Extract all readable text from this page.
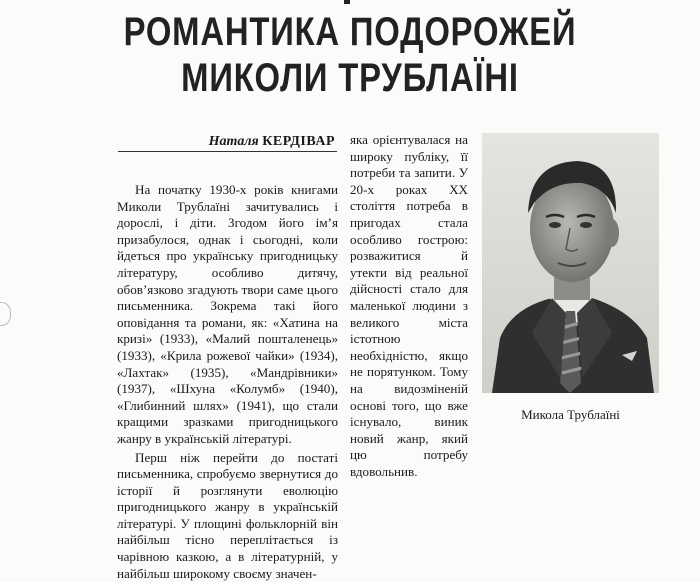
РОМАНТИКА ПОДОРОЖЕЙ
МИКОЛИ ТРУБЛАЇНІ
Наталя КЕРДІВАР

На початку 1930-х років книгами Миколи Трублаїні зачитувались і дорослі, і діти. Згодом його ім’я призабулося, однак і сьогодні, коли йдеться про українську пригодницьку літературу, особливо дитячу, обов’язково згадують твори саме цього письменника. Зокрема такі його оповідання та романи, як: «Хатина на кризі» (1933), «Малий пошталенець» (1933), «Крила рожевої чайки» (1934), «Лахтак» (1935), «Мандрівники» (1937), «Шхуна «Колумб» (1940), «Глибинний шлях» (1941), що стали кращими зразками пригодницького жанру в українській літературі.

Перш ніж перейти до постаті письменника, спробуємо звернутися до історії й розглянути еволюцію пригодницького жанру в українській літературі. У площині фольклорній він найбільш тісно переплітається із чарівною казкою, а в літературній, у найбільш широкому своєму значен-

яка орієнтувалася на широку публіку, її потреби та запити. У 20-х роках XX століття потреба в пригодах стала особливо гострою: розважитися й утекти від реальної дійсності стало для маленької людини з великого міста істотною необхідністю, якщо не порятунком. Тому на видозміненій основі того, що вже існувало, виник новий жанр, який цю потребу вдовольнив.

Микола Трублаїні
